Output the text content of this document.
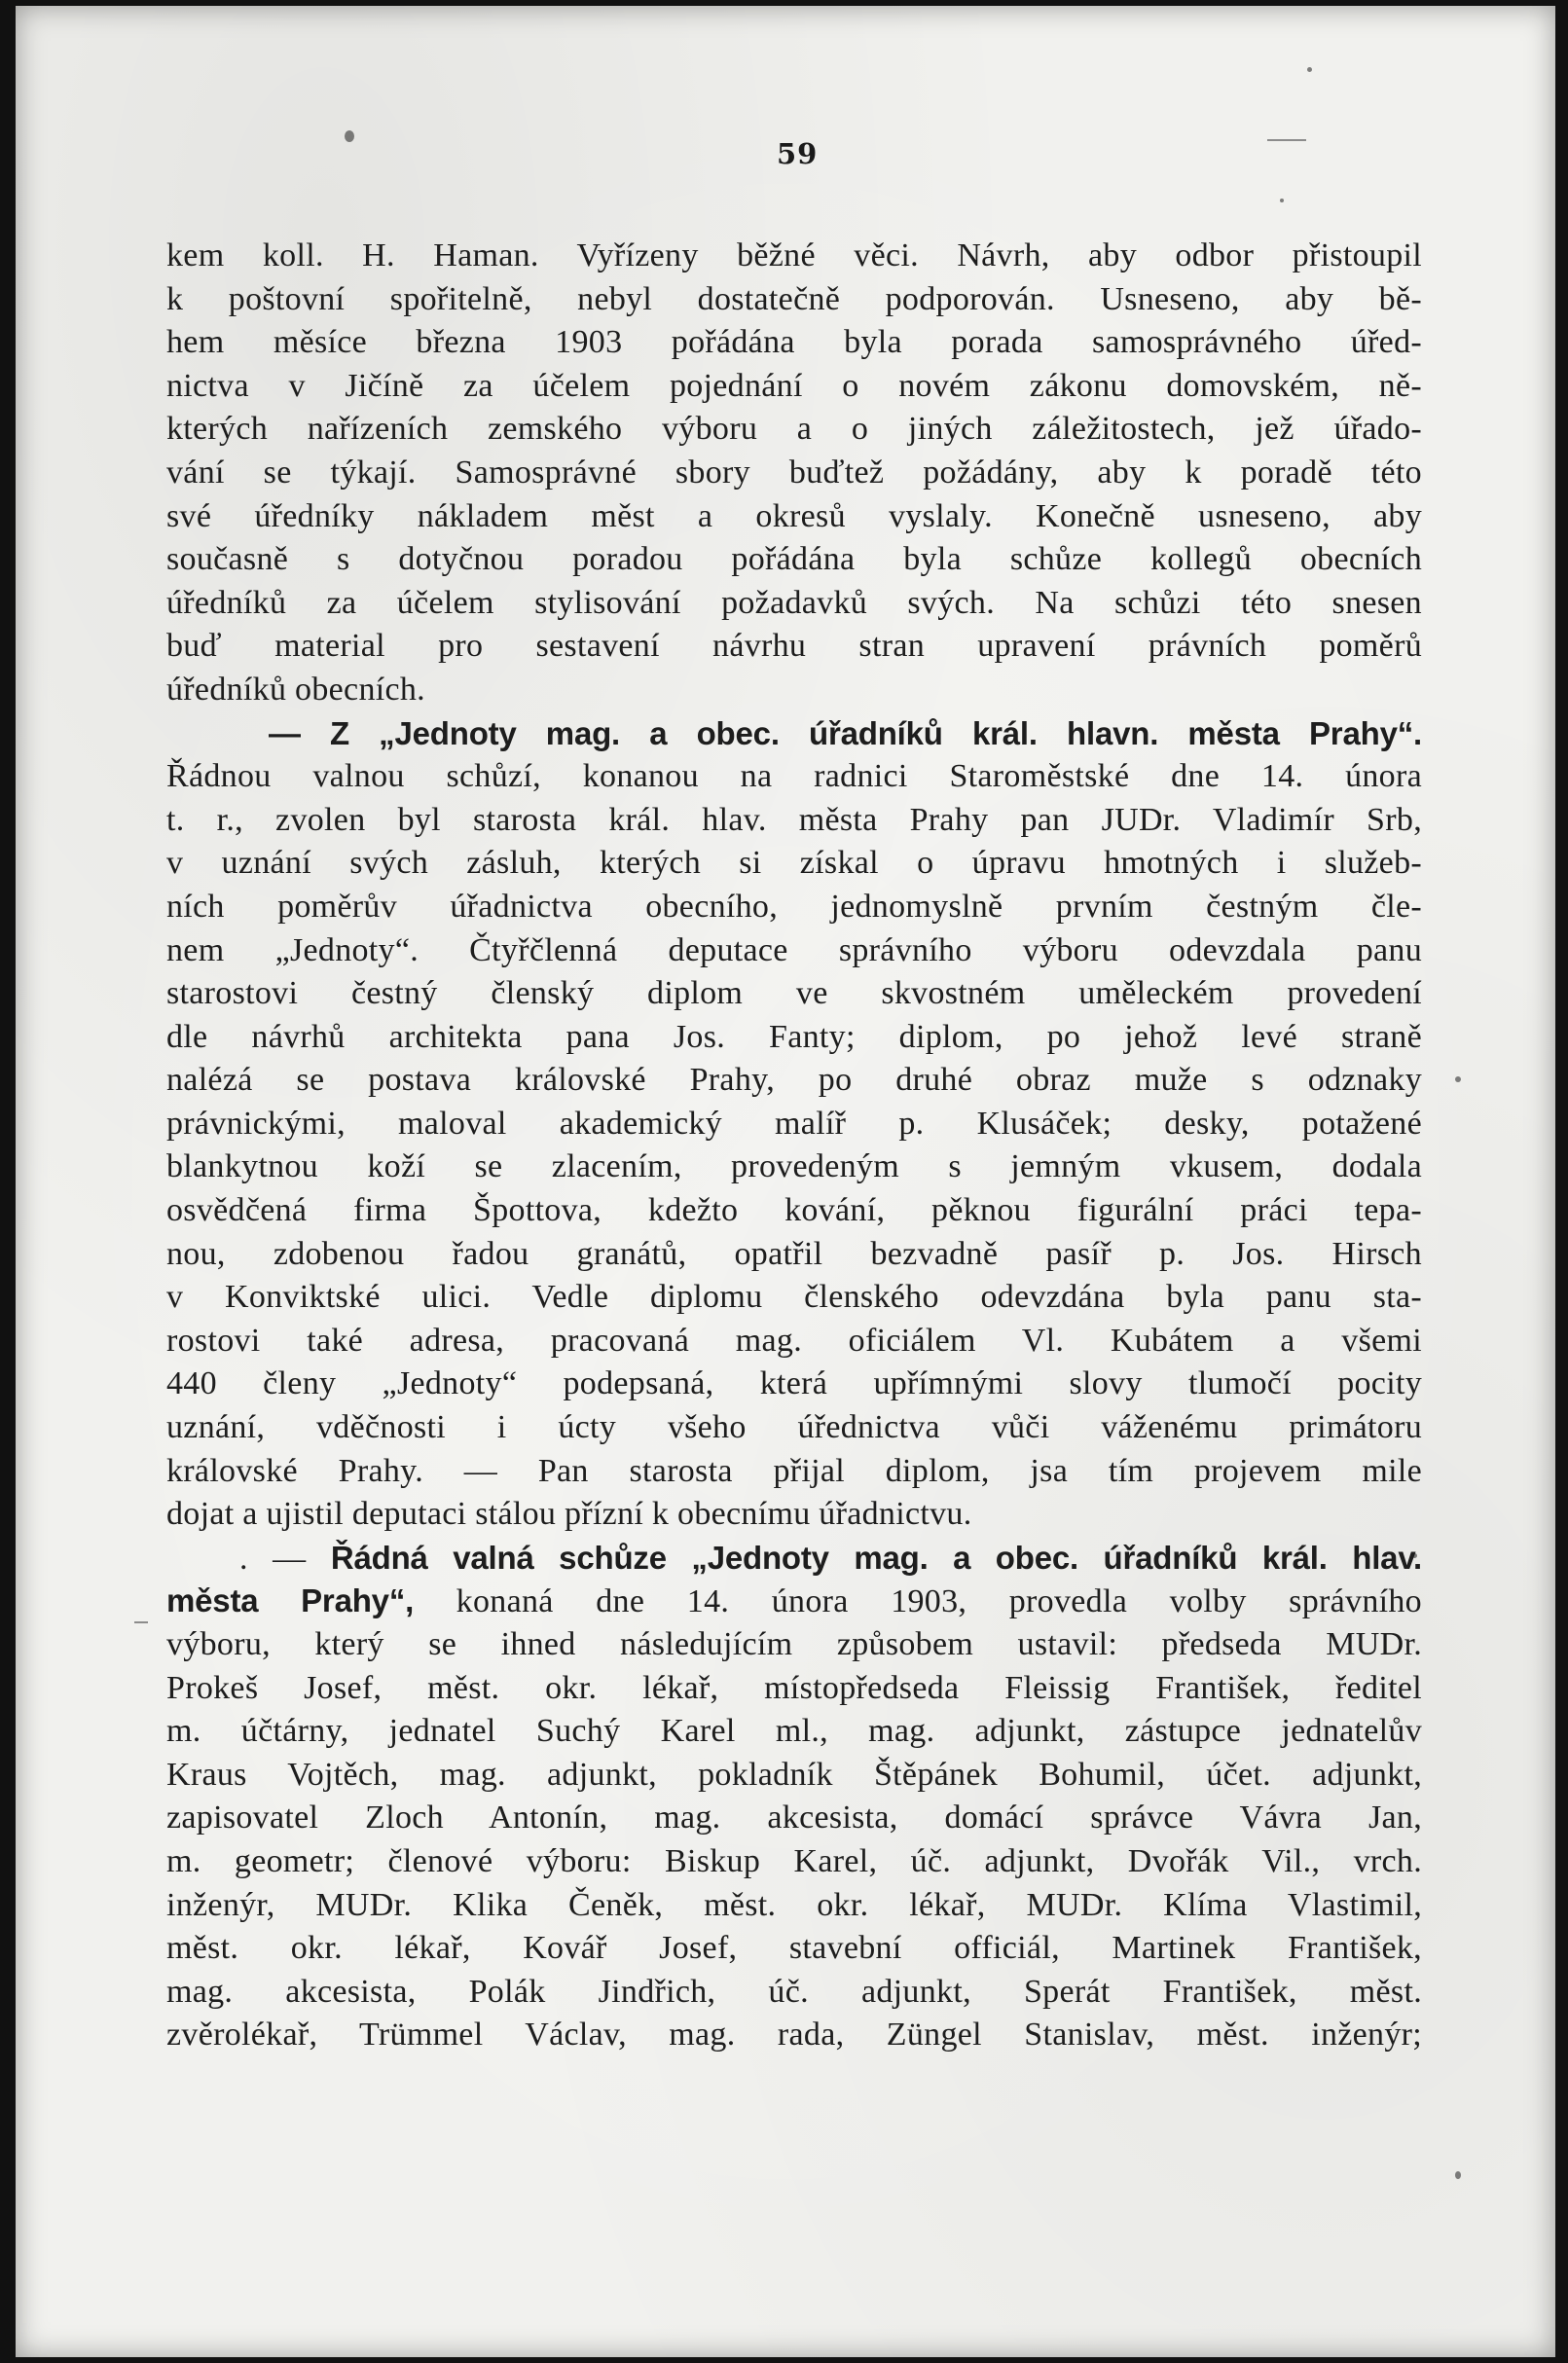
59
kem koll. H. Haman. Vyřízeny běžné věci. Návrh, aby odbor přistoupil
k poštovní spořitelně, nebyl dostatečně podporován. Usneseno, aby bě-
hem měsíce března 1903 pořádána byla porada samosprávného úřed-
nictva v Jičíně za účelem pojednání o novém zákonu domovském, ně-
kterých nařízeních zemského výboru a o jiných záležitostech, jež úřado-
vání se týkají. Samosprávné sbory buďtež požádány, aby k poradě této
své úředníky nákladem měst a okresů vyslaly. Konečně usneseno, aby
současně s dotyčnou poradou pořádána byla schůze kollegů obecních
úředníků za účelem stylisování požadavků svých. Na schůzi této snesen
buď material pro sestavení návrhu stran upravení právních poměrů
úředníků obecních.
— Z „Jednoty mag. a obec. úřadníků král. hlavn. města Prahy“.
Řádnou valnou schůzí, konanou na radnici Staroměstské dne 14. února
t. r., zvolen byl starosta král. hlav. města Prahy pan JUDr. Vladimír Srb,
v uznání svých zásluh, kterých si získal o úpravu hmotných i služeb-
ních poměrův úřadnictva obecního, jednomyslně prvním čestným čle-
nem „Jednoty“. Čtyřčlenná deputace správního výboru odevzdala panu
starostovi čestný členský diplom ve skvostném uměleckém provedení
dle návrhů architekta pana Jos. Fanty; diplom, po jehož levé straně
nalézá se postava královské Prahy, po druhé obraz muže s odznaky
právnickými, maloval akademický malíř p. Klusáček; desky, potažené
blankytnou koží se zlacením, provedeným s jemným vkusem, dodala
osvědčená firma Špottova, kdežto kování, pěknou figurální práci tepa-
nou, zdobenou řadou granátů, opatřil bezvadně pasíř p. Jos. Hirsch
v Konviktské ulici. Vedle diplomu členského odevzdána byla panu sta-
rostovi také adresa, pracovaná mag. oficiálem Vl. Kubátem a všemi
440 členy „Jednoty“ podepsaná, která upřímnými slovy tlumočí pocity
uznání, vděčnosti i úcty všeho úřednictva vůči váženému primátoru
královské Prahy. — Pan starosta přijal diplom, jsa tím projevem mile
dojat a ujistil deputaci stálou přízní k obecnímu úřadnictvu.
. — Řádná valná schůze „Jednoty mag. a obec. úřadníků král. hlav.
města Prahy“, konaná dne 14. února 1903, provedla volby správního
výboru, který se ihned následujícím způsobem ustavil: předseda MUDr.
Prokeš Josef, měst. okr. lékař, místopředseda Fleissig František, ředitel
m. účtárny, jednatel Suchý Karel ml., mag. adjunkt, zástupce jednatelův
Kraus Vojtěch, mag. adjunkt, pokladník Štěpánek Bohumil, účet. adjunkt,
zapisovatel Zloch Antonín, mag. akcesista, domácí správce Vávra Jan,
m. geometr; členové výboru: Biskup Karel, úč. adjunkt, Dvořák Vil., vrch.
inženýr, MUDr. Klika Čeněk, měst. okr. lékař, MUDr. Klíma Vlastimil,
měst. okr. lékař, Kovář Josef, stavební officiál, Martinek František,
mag. akcesista, Polák Jindřich, úč. adjunkt, Sperát František, měst.
zvěrolékař, Trümmel Václav, mag. rada, Züngel Stanislav, měst. inženýr;
